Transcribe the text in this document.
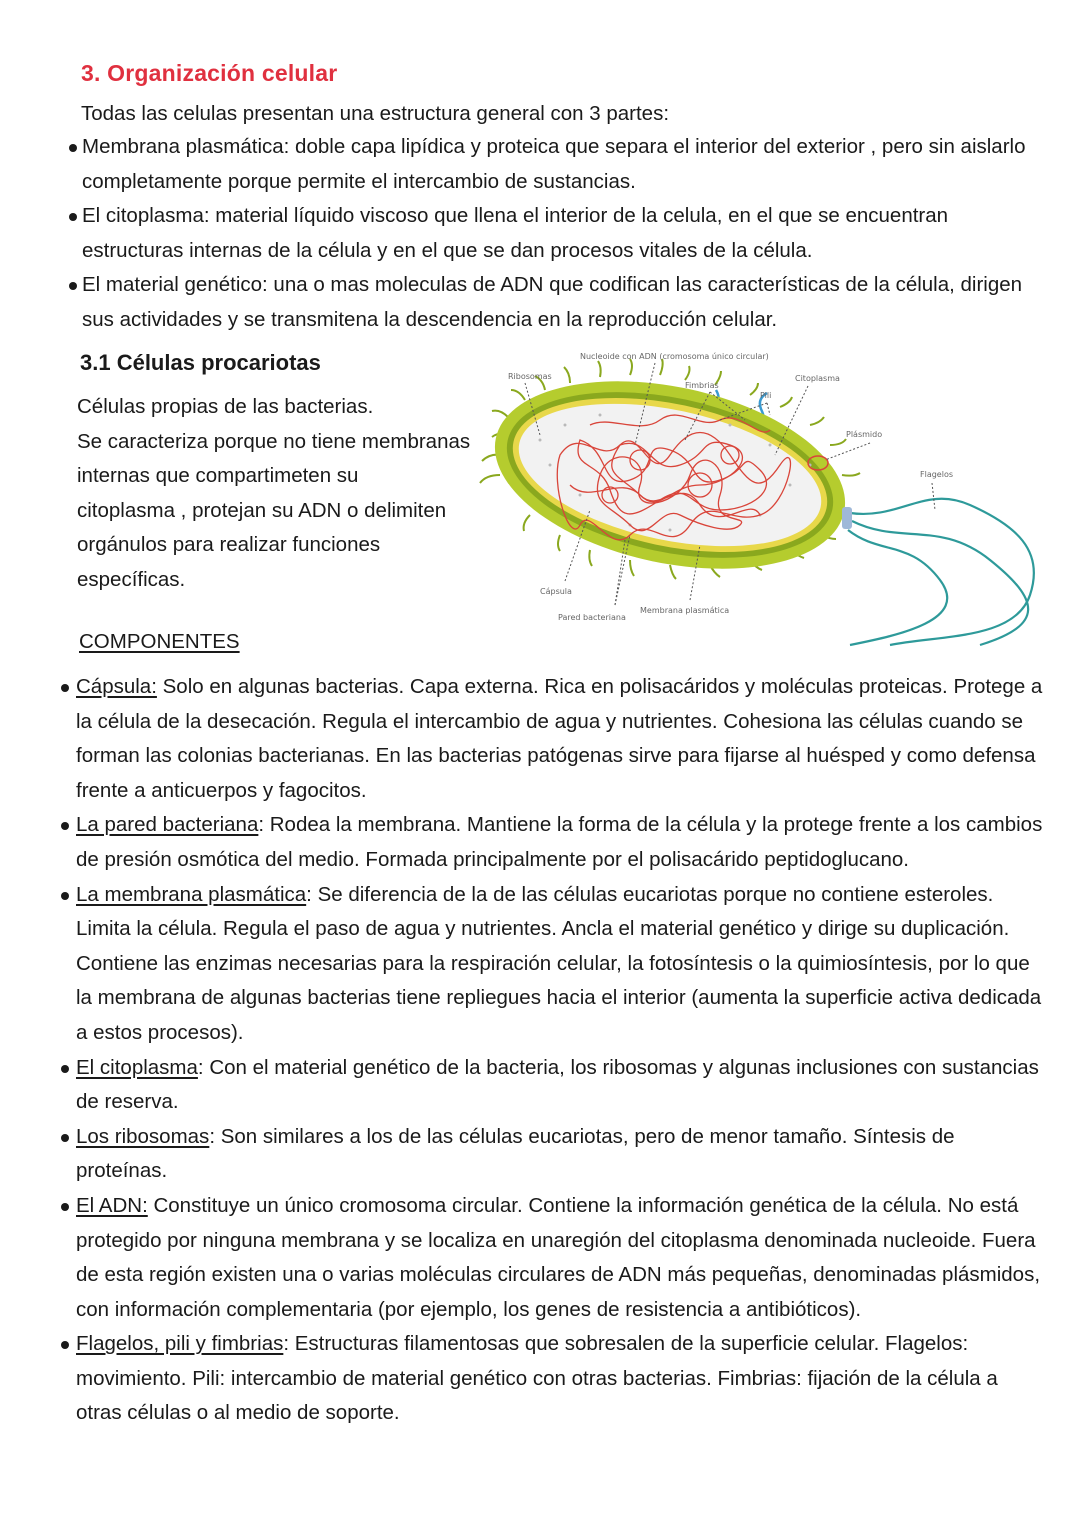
3. Organización celular
Todas las celulas presentan una estructura general con 3 partes:
Membrana plasmática: doble capa lipídica y proteica que separa el interior del exterior , pero sin aislarlo completamente porque permite el intercambio de sustancias.
El citoplasma: material líquido viscoso que llena el interior de la celula, en el que se encuentran estructuras internas de la célula y en el que se dan procesos vitales de la célula.
El material genético: una o mas moleculas de ADN que codifican las características de la célula, dirigen sus actividades y se transmitena la descendencia en la reproducción celular.
3.1 Células procariotas
Células propias de las bacterias.
Se caracteriza porque no tiene membranas
internas que compartimeten su
citoplasma , protejan su ADN o delimiten
orgánulos para realizar funciones
específicas.
Nucleoide con ADN (cromosoma único circular)
Ribosomas
Fimbrias
Pili
Citoplasma
Plásmido
Flagelos
Cápsula
Pared bacteriana
Membrana plasmática
COMPONENTES
Cápsula: Solo en algunas bacterias. Capa externa. Rica en polisacáridos y moléculas proteicas. Protege a la célula de la desecación. Regula el intercambio de agua y nutrientes. Cohesiona las células cuando se forman las colonias bacterianas. En las bacterias patógenas sirve para fijarse al huésped y como defensa frente a anticuerpos y fagocitos.
La pared bacteriana: Rodea la membrana. Mantiene la forma de la célula y la protege frente a los cambios de presión osmótica del medio. Formada principalmente por el polisacárido peptidoglucano.
La membrana plasmática: Se diferencia de la de las células eucariotas porque no contiene esteroles. Limita la célula. Regula el paso de agua y nutrientes. Ancla el material genético y dirige su duplicación. Contiene las enzimas necesarias para la respiración celular, la fotosíntesis o la quimiosíntesis, por lo que la membrana de algunas bacterias tiene repliegues hacia el interior (aumenta la superficie activa dedicada a estos procesos).
El citoplasma: Con el material genético de la bacteria, los ribosomas y algunas inclusiones con sustancias de reserva.
Los ribosomas: Son similares a los de las células eucariotas, pero de menor tamaño. Síntesis de proteínas.
El ADN: Constituye un único cromosoma circular. Contiene la información genética de la célula. No está protegido por ninguna membrana y se localiza en unaregión del citoplasma denominada nucleoide. Fuera de esta región existen una o varias moléculas circulares de ADN más pequeñas, denominadas plásmidos, con información complementaria (por ejemplo, los genes de resistencia a antibióticos).
Flagelos, pili y fimbrias: Estructuras filamentosas que sobresalen de la superficie celular. Flagelos: movimiento. Pili: intercambio de material genético con otras bacterias. Fimbrias: fijación de la célula a otras células o al medio de soporte.
